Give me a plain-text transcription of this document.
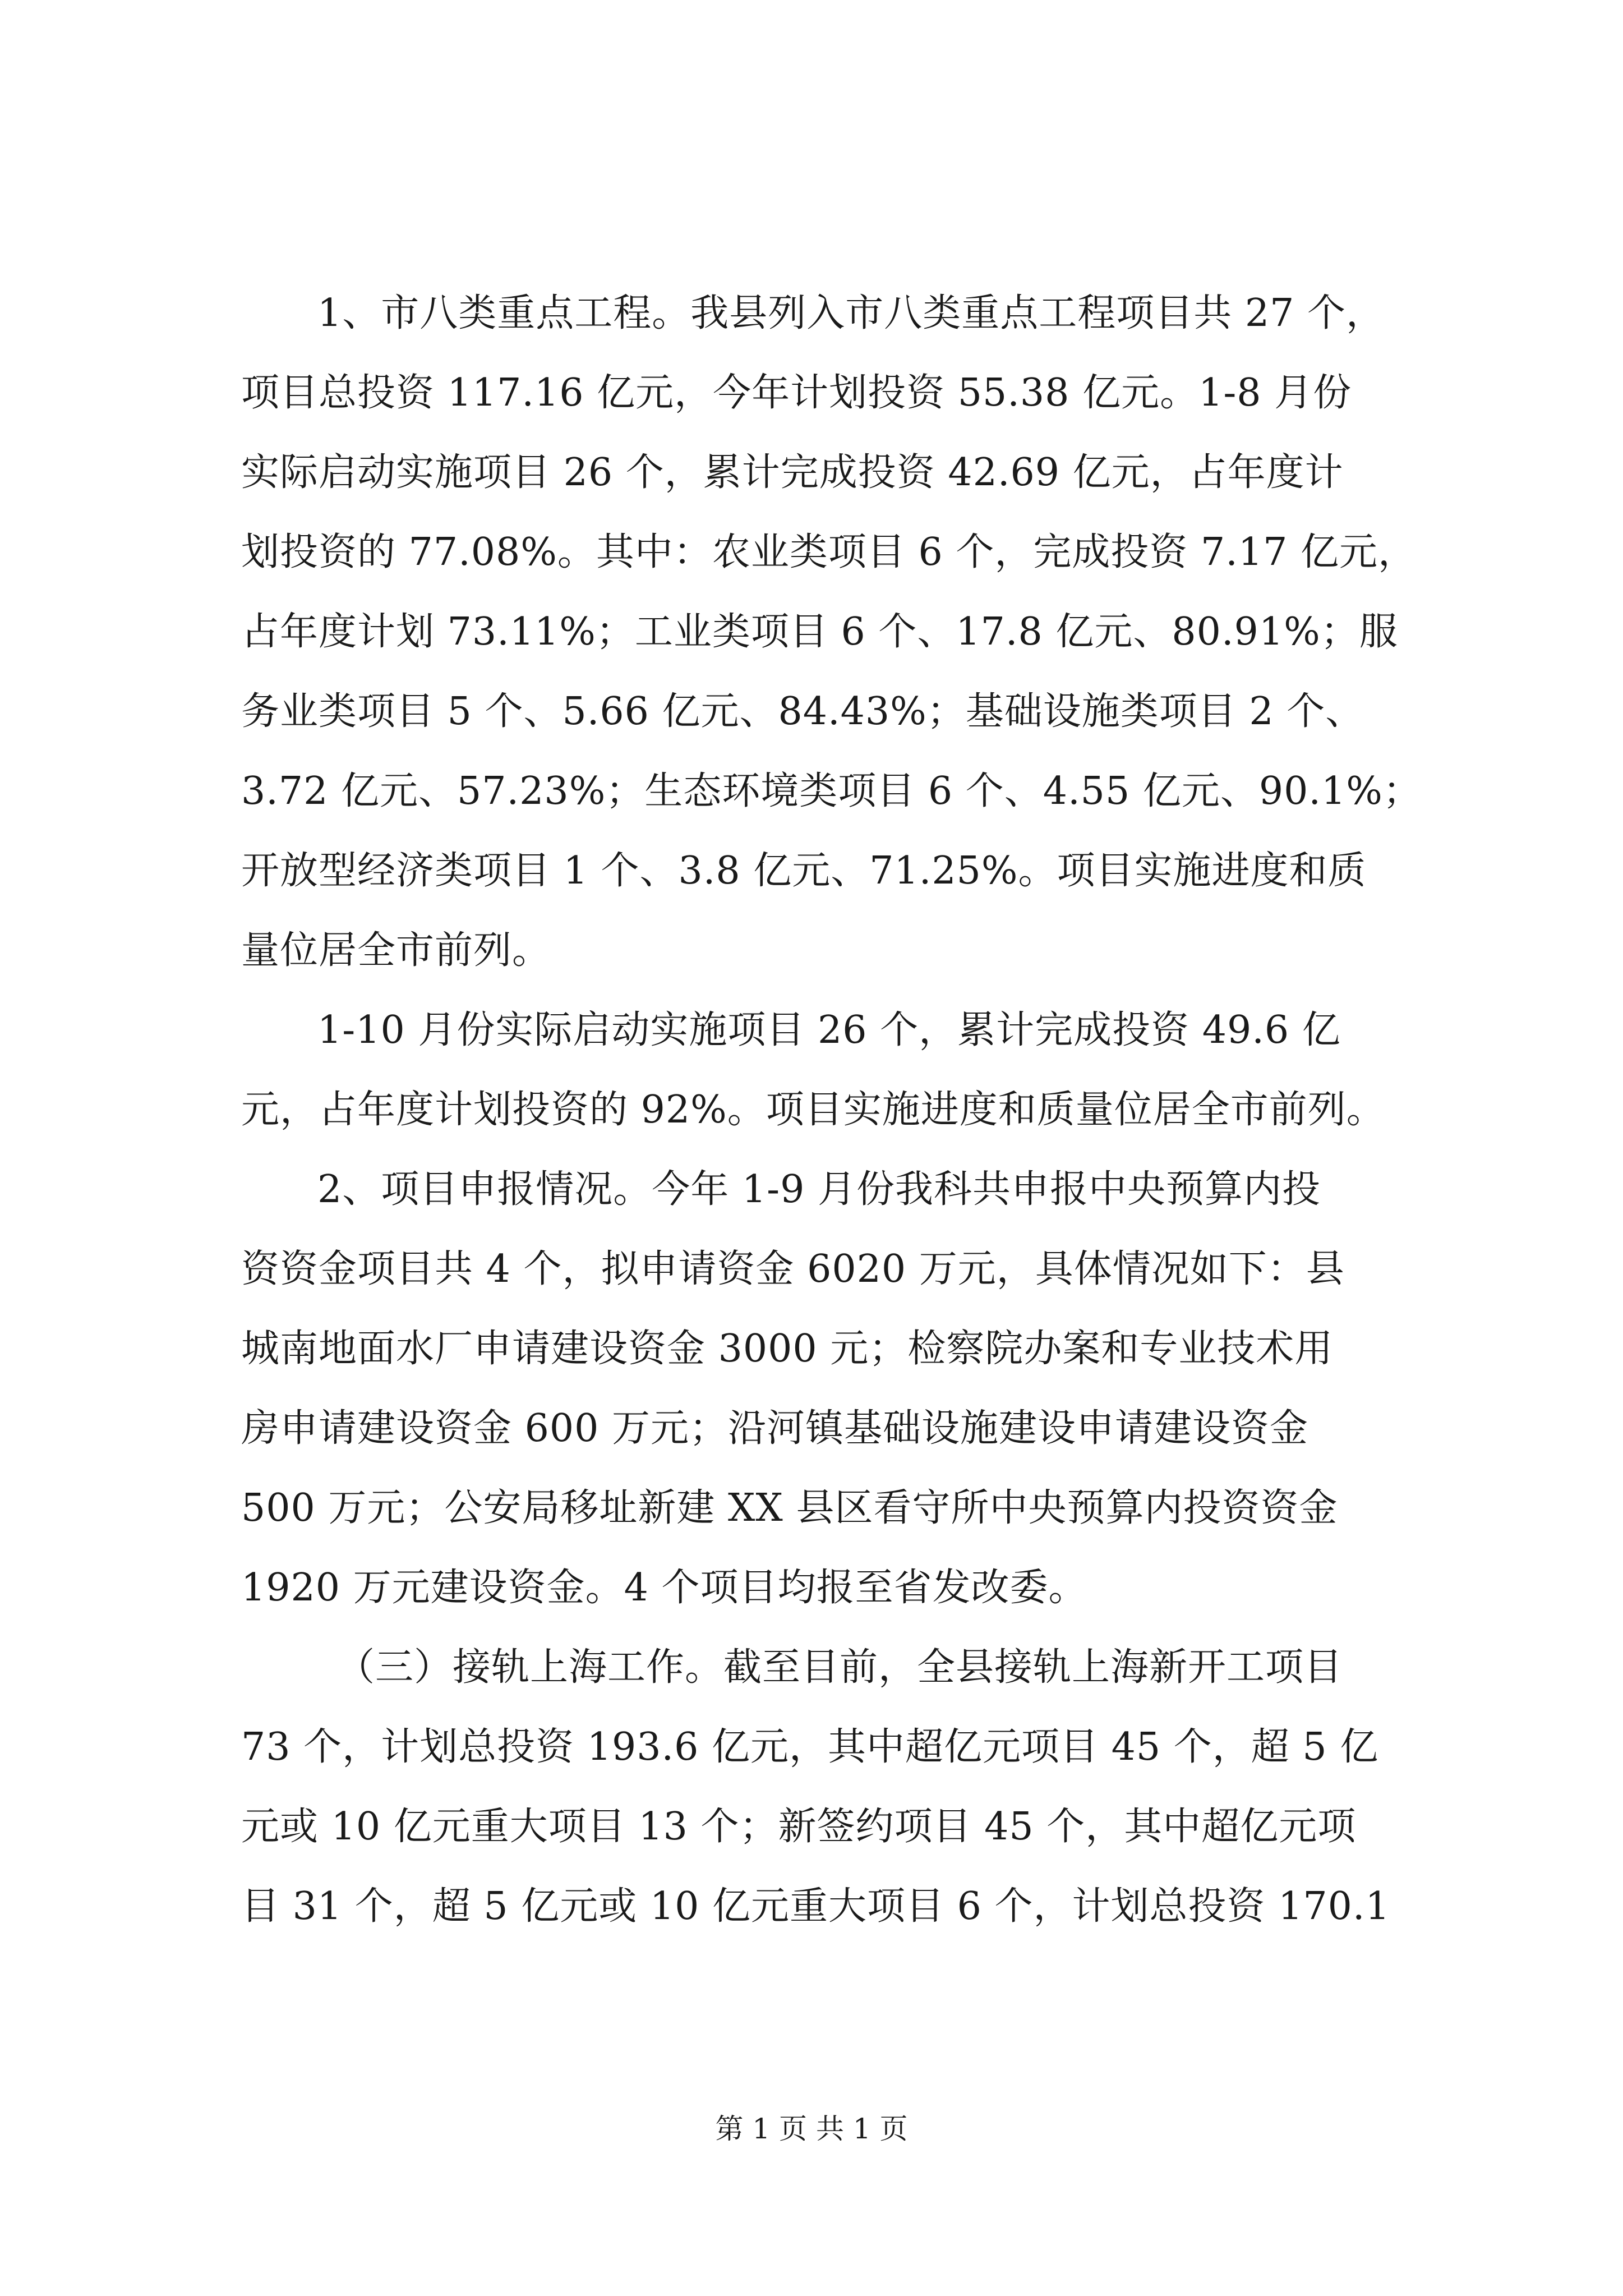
1、市八类重点工程。我县列入市八类重点工程项目共 27 个，
项目总投资 117.16 亿元，今年计划投资 55.38 亿元。1-8 月份
实际启动实施项目 26 个，累计完成投资 42.69 亿元，占年度计
划投资的 77.08%。其中：农业类项目 6 个，完成投资 7.17 亿元，
占年度计划 73.11%；工业类项目 6 个、17.8 亿元、80.91%；服
务业类项目 5 个、5.66 亿元、84.43%；基础设施类项目 2 个、
3.72 亿元、57.23%；生态环境类项目 6 个、4.55 亿元、90.1%；
开放型经济类项目 1 个、3.8 亿元、71.25%。项目实施进度和质
量位居全市前列。
1-10 月份实际启动实施项目 26 个，累计完成投资 49.6 亿
元，占年度计划投资的 92%。项目实施进度和质量位居全市前列。
2、项目申报情况。今年 1-9 月份我科共申报中央预算内投
资资金项目共 4 个，拟申请资金 6020 万元，具体情况如下：县
城南地面水厂申请建设资金 3000 元；检察院办案和专业技术用
房申请建设资金 600 万元；沿河镇基础设施建设申请建设资金
500 万元；公安局移址新建 XX 县区看守所中央预算内投资资金
1920 万元建设资金。4 个项目均报至省发改委。
（三）接轨上海工作。截至目前，全县接轨上海新开工项目
73 个，计划总投资 193.6 亿元，其中超亿元项目 45 个，超 5 亿
元或 10 亿元重大项目 13 个；新签约项目 45 个，其中超亿元项
目 31 个，超 5 亿元或 10 亿元重大项目 6 个，计划总投资 170.1
第 1 页 共 1 页
